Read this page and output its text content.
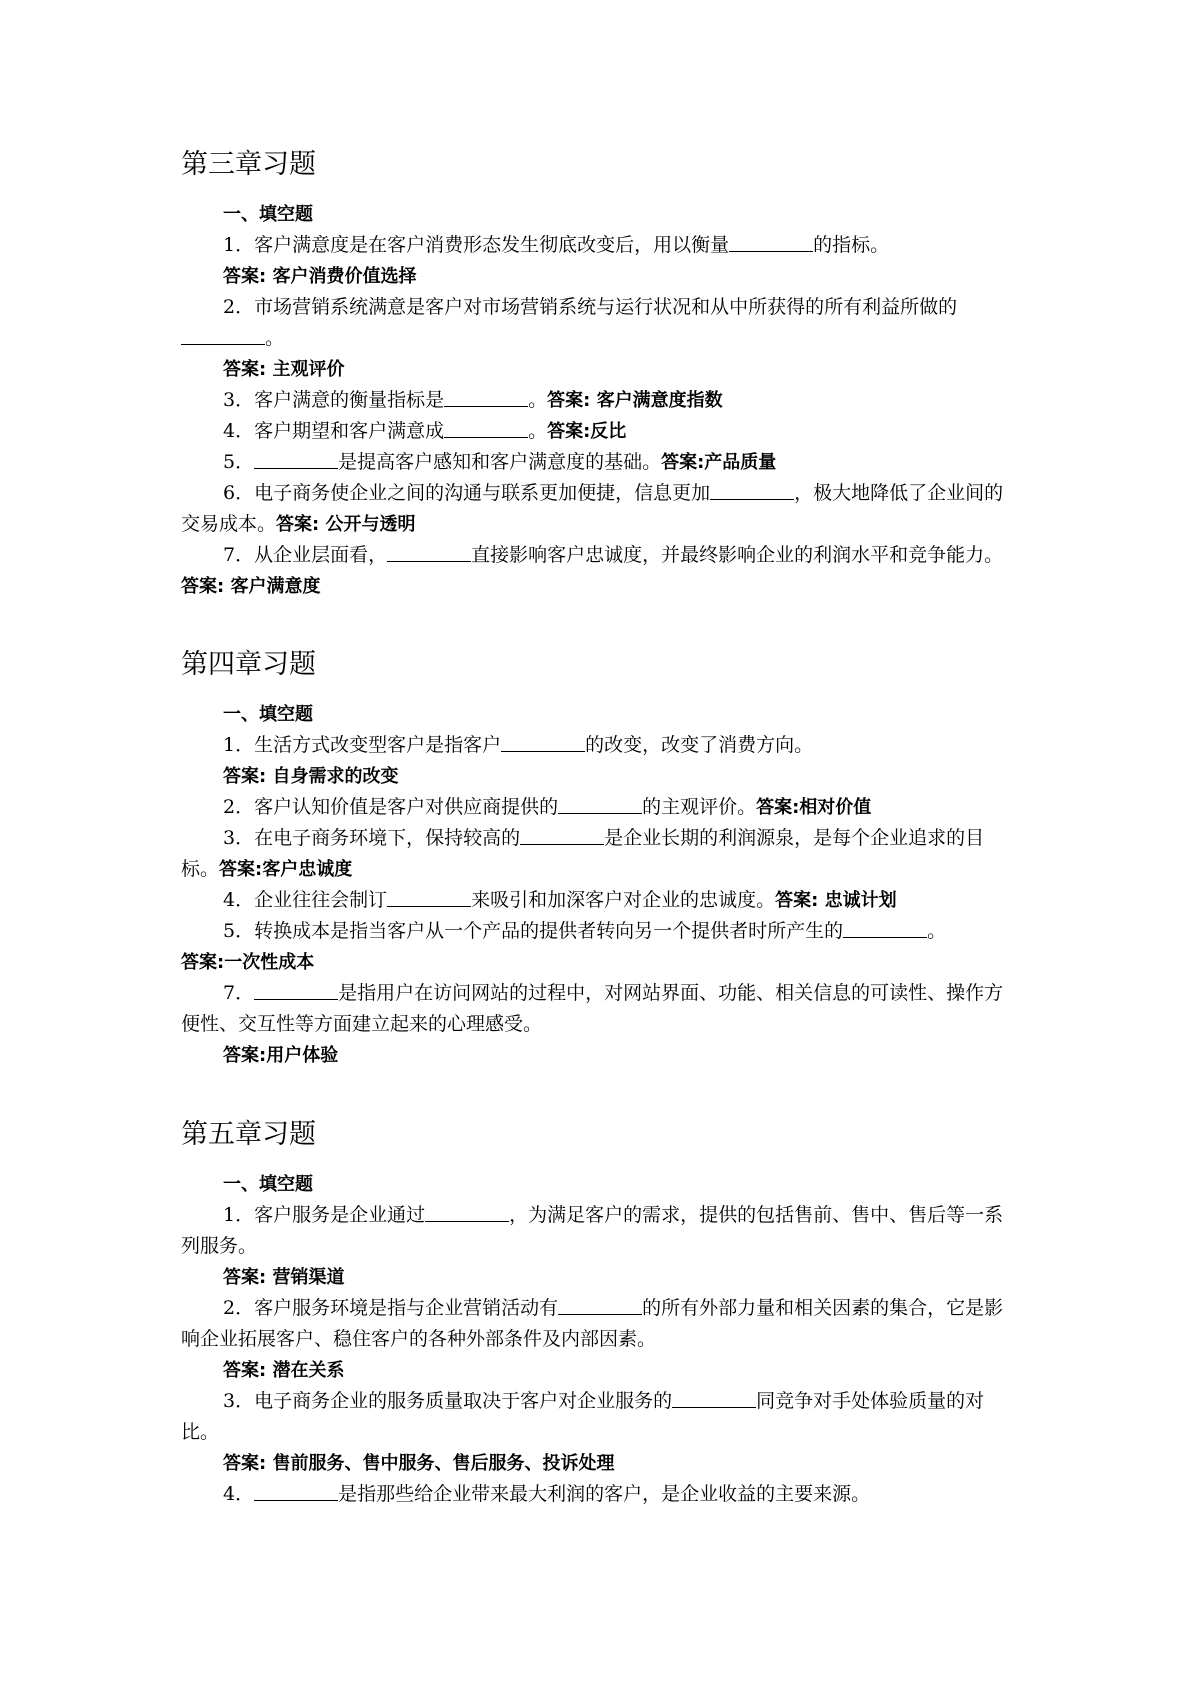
第三章习题
一、填空题

1．客户满意度是在客户消费形态发生彻底改变后，用以衡量	的指标。

答案: 客户消费价值选择

2．市场营销系统满意是客户对市场营销系统与运行状况和从中所获得的所有利益所做的。

答案: 主观评价

3．客户满意的衡量指标是	。答案: 客户满意度指数

4．客户期望和客户满意成	。答案:反比

5．	是提高客户感知和客户满意度的基础。答案:产品质量

6．电子商务使企业之间的沟通与联系更加便捷，信息更加	，极大地降低了企业间的交易成本。答案: 公开与透明

7．从企业层面看，	直接影响客户忠诚度，并最终影响企业的利润水平和竞争能力。答案: 客户满意度

第四章习题
一、填空题

1．生活方式改变型客户是指客户	的改变，改变了消费方向。

答案: 自身需求的改变

2．客户认知价值是客户对供应商提供的	的主观评价。答案:相对价值

3．在电子商务环境下，保持较高的	是企业长期的利润源泉，是每个企业追求的目标。答案:客户忠诚度

4．企业往往会制订	来吸引和加深客户对企业的忠诚度。答案: 忠诚计划

5．转换成本是指当客户从一个产品的提供者转向另一个提供者时所产生的	。

答案:一次性成本

7．	是指用户在访问网站的过程中，对网站界面、功能、相关信息的可读性、操作方便性、交互性等方面建立起来的心理感受。

答案:用户体验

第五章习题
一、填空题

1．客户服务是企业通过	，为满足客户的需求，提供的包括售前、售中、售后等一系列服务。

答案: 营销渠道

2．客户服务环境是指与企业营销活动有	的所有外部力量和相关因素的集合，它是影响企业拓展客户、稳住客户的各种外部条件及内部因素。

答案: 潜在关系

3．电子商务企业的服务质量取决于客户对企业服务的	同竞争对手处体验质量的对比。

答案: 售前服务、售中服务、售后服务、投诉处理

4．	是指那些给企业带来最大利润的客户，是企业收益的主要来源。
